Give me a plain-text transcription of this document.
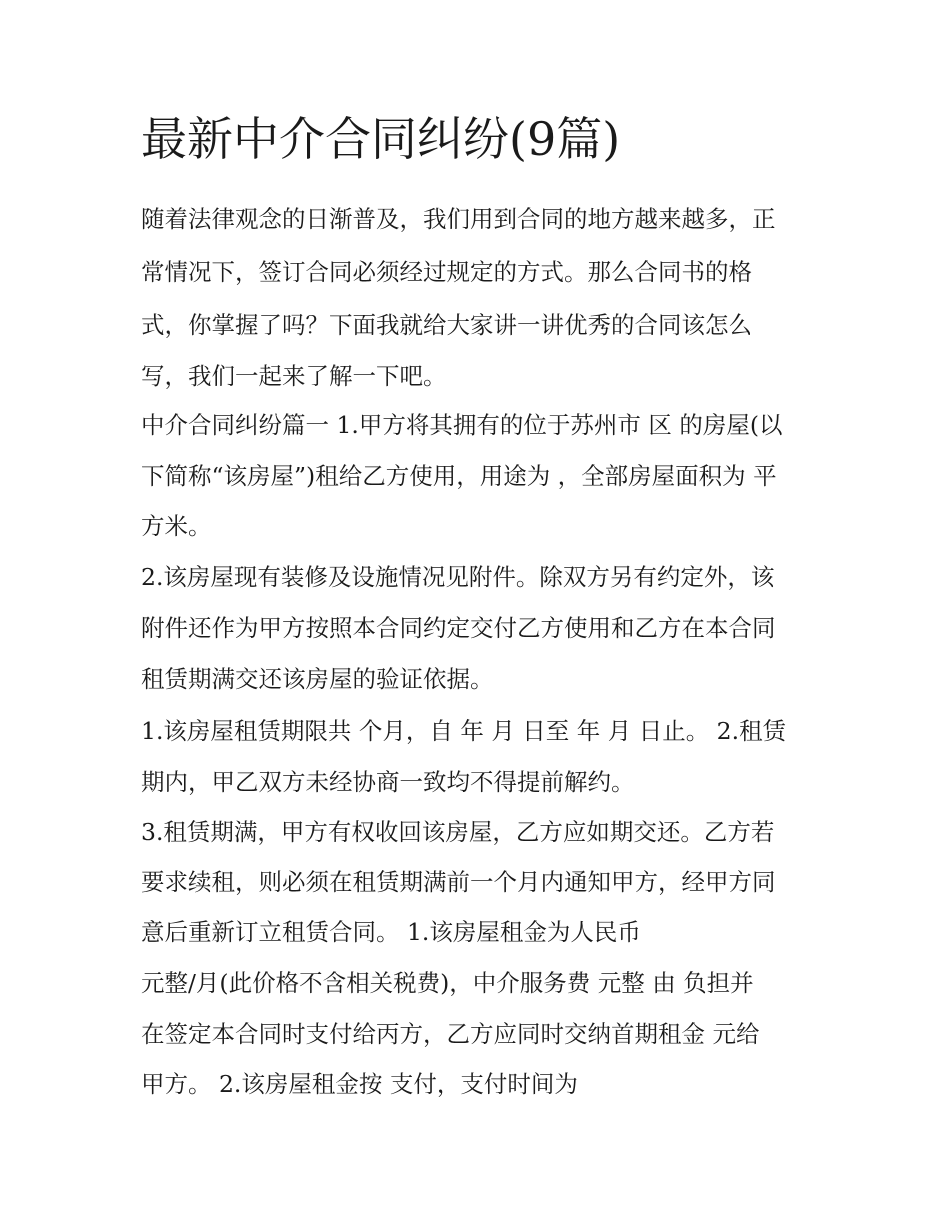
最新中介合同纠纷(9篇)

随着法律观念的日渐普及，我们用到合同的地方越来越多，正

常情况下，签订合同必须经过规定的方式。那么合同书的格

式，你掌握了吗？下面我就给大家讲一讲优秀的合同该怎么

写，我们一起来了解一下吧。

中介合同纠纷篇一 1.甲方将其拥有的位于苏州市 区 的房屋(以

下简称“该房屋”)租给乙方使用，用途为 ，全部房屋面积为 平

方米。

2.该房屋现有装修及设施情况见附件。除双方另有约定外，该

附件还作为甲方按照本合同约定交付乙方使用和乙方在本合同

租赁期满交还该房屋的验证依据。

1.该房屋租赁期限共 个月，自 年 月 日至 年 月 日止。 2.租赁

期内，甲乙双方未经协商一致均不得提前解约。

3.租赁期满，甲方有权收回该房屋，乙方应如期交还。乙方若

要求续租，则必须在租赁期满前一个月内通知甲方，经甲方同

意后重新订立租赁合同。 1.该房屋租金为人民币

元整/月(此价格不含相关税费)，中介服务费 元整 由 负担并

在签定本合同时支付给丙方，乙方应同时交纳首期租金 元给

甲方。 2.该房屋租金按 支付，支付时间为
